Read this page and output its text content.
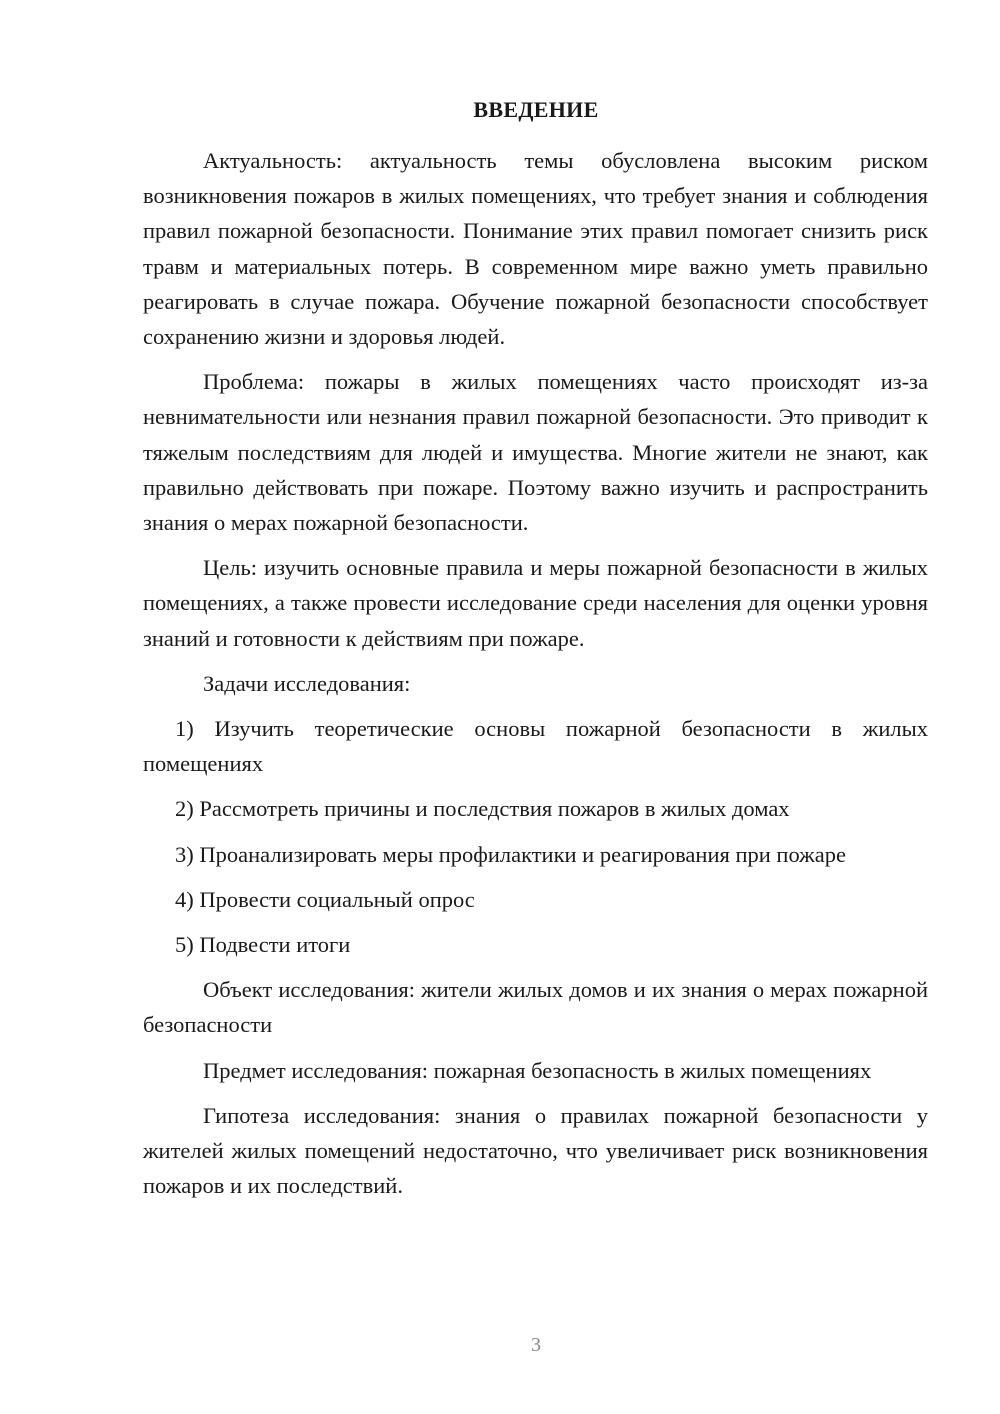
ВВЕДЕНИЕ

Актуальность: актуальность темы обусловлена высоким риском возникновения пожаров в жилых помещениях, что требует знания и соблюдения правил пожарной безопасности. Понимание этих правил помогает снизить риск травм и материальных потерь. В современном мире важно уметь правильно реагировать в случае пожара. Обучение пожарной безопасности способствует сохранению жизни и здоровья людей.

Проблема: пожары в жилых помещениях часто происходят из-за невнимательности или незнания правил пожарной безопасности. Это приводит к тяжелым последствиям для людей и имущества. Многие жители не знают, как правильно действовать при пожаре. Поэтому важно изучить и распространить знания о мерах пожарной безопасности.

Цель: изучить основные правила и меры пожарной безопасности в жилых помещениях, а также провести исследование среди населения для оценки уровня знаний и готовности к действиям при пожаре.

Задачи исследования:

1) Изучить теоретические основы пожарной безопасности в жилых помещениях

2) Рассмотреть причины и последствия пожаров в жилых домах

3) Проанализировать меры профилактики и реагирования при пожаре

4) Провести социальный опрос

5) Подвести итоги

Объект исследования: жители жилых домов и их знания о мерах пожарной безопасности

Предмет исследования: пожарная безопасность в жилых помещениях

Гипотеза исследования: знания о правилах пожарной безопасности у жителей жилых помещений недостаточно, что увеличивает риск возникновения пожаров и их последствий.

3
